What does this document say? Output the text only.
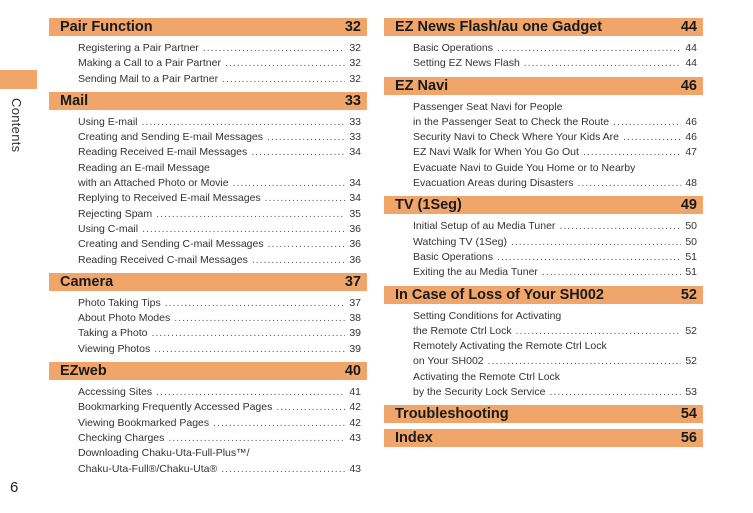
Contents
6
Pair Function	32
Registering a Pair Partner .....	32
Making a Call to a Pair Partner .....	32
Sending Mail to a Pair Partner .....	32
Mail	33
Using E-mail .....	33
Creating and Sending E-mail Messages .....	33
Reading Received E-mail Messages .....	34
Reading an E-mail Message
with an Attached Photo or Movie .....	34
Replying to Received E-mail Messages .....	34
Rejecting Spam .....	35
Using C-mail .....	36
Creating and Sending C-mail Messages .....	36
Reading Received C-mail Messages .....	36
Camera	37
Photo Taking Tips .....	37
About Photo Modes .....	38
Taking a Photo .....	39
Viewing Photos .....	39
EZweb	40
Accessing Sites .....	41
Bookmarking Frequently Accessed Pages .....	42
Viewing Bookmarked Pages .....	42
Checking Charges .....	43
Downloading Chaku-Uta-Full-Plus™/
Chaku-Uta-Full®/Chaku-Uta® .....	43
EZ News Flash/au one Gadget	44
Basic Operations .....	44
Setting EZ News Flash .....	44
EZ Navi	46
Passenger Seat Navi for People
in the Passenger Seat to Check the Route .....	46
Security Navi to Check Where Your Kids Are .....	46
EZ Navi Walk for When You Go Out .....	47
Evacuate Navi to Guide You Home or to Nearby
Evacuation Areas during Disasters .....	48
TV (1Seg)	49
Initial Setup of au Media Tuner .....	50
Watching TV (1Seg) .....	50
Basic Operations .....	51
Exiting the au Media Tuner .....	51
In Case of Loss of Your SH002	52
Setting Conditions for Activating
the Remote Ctrl Lock .....	52
Remotely Activating the Remote Ctrl Lock
on Your SH002 .....	52
Activating the Remote Ctrl Lock
by the Security Lock Service .....	53
Troubleshooting	54
Index	56
